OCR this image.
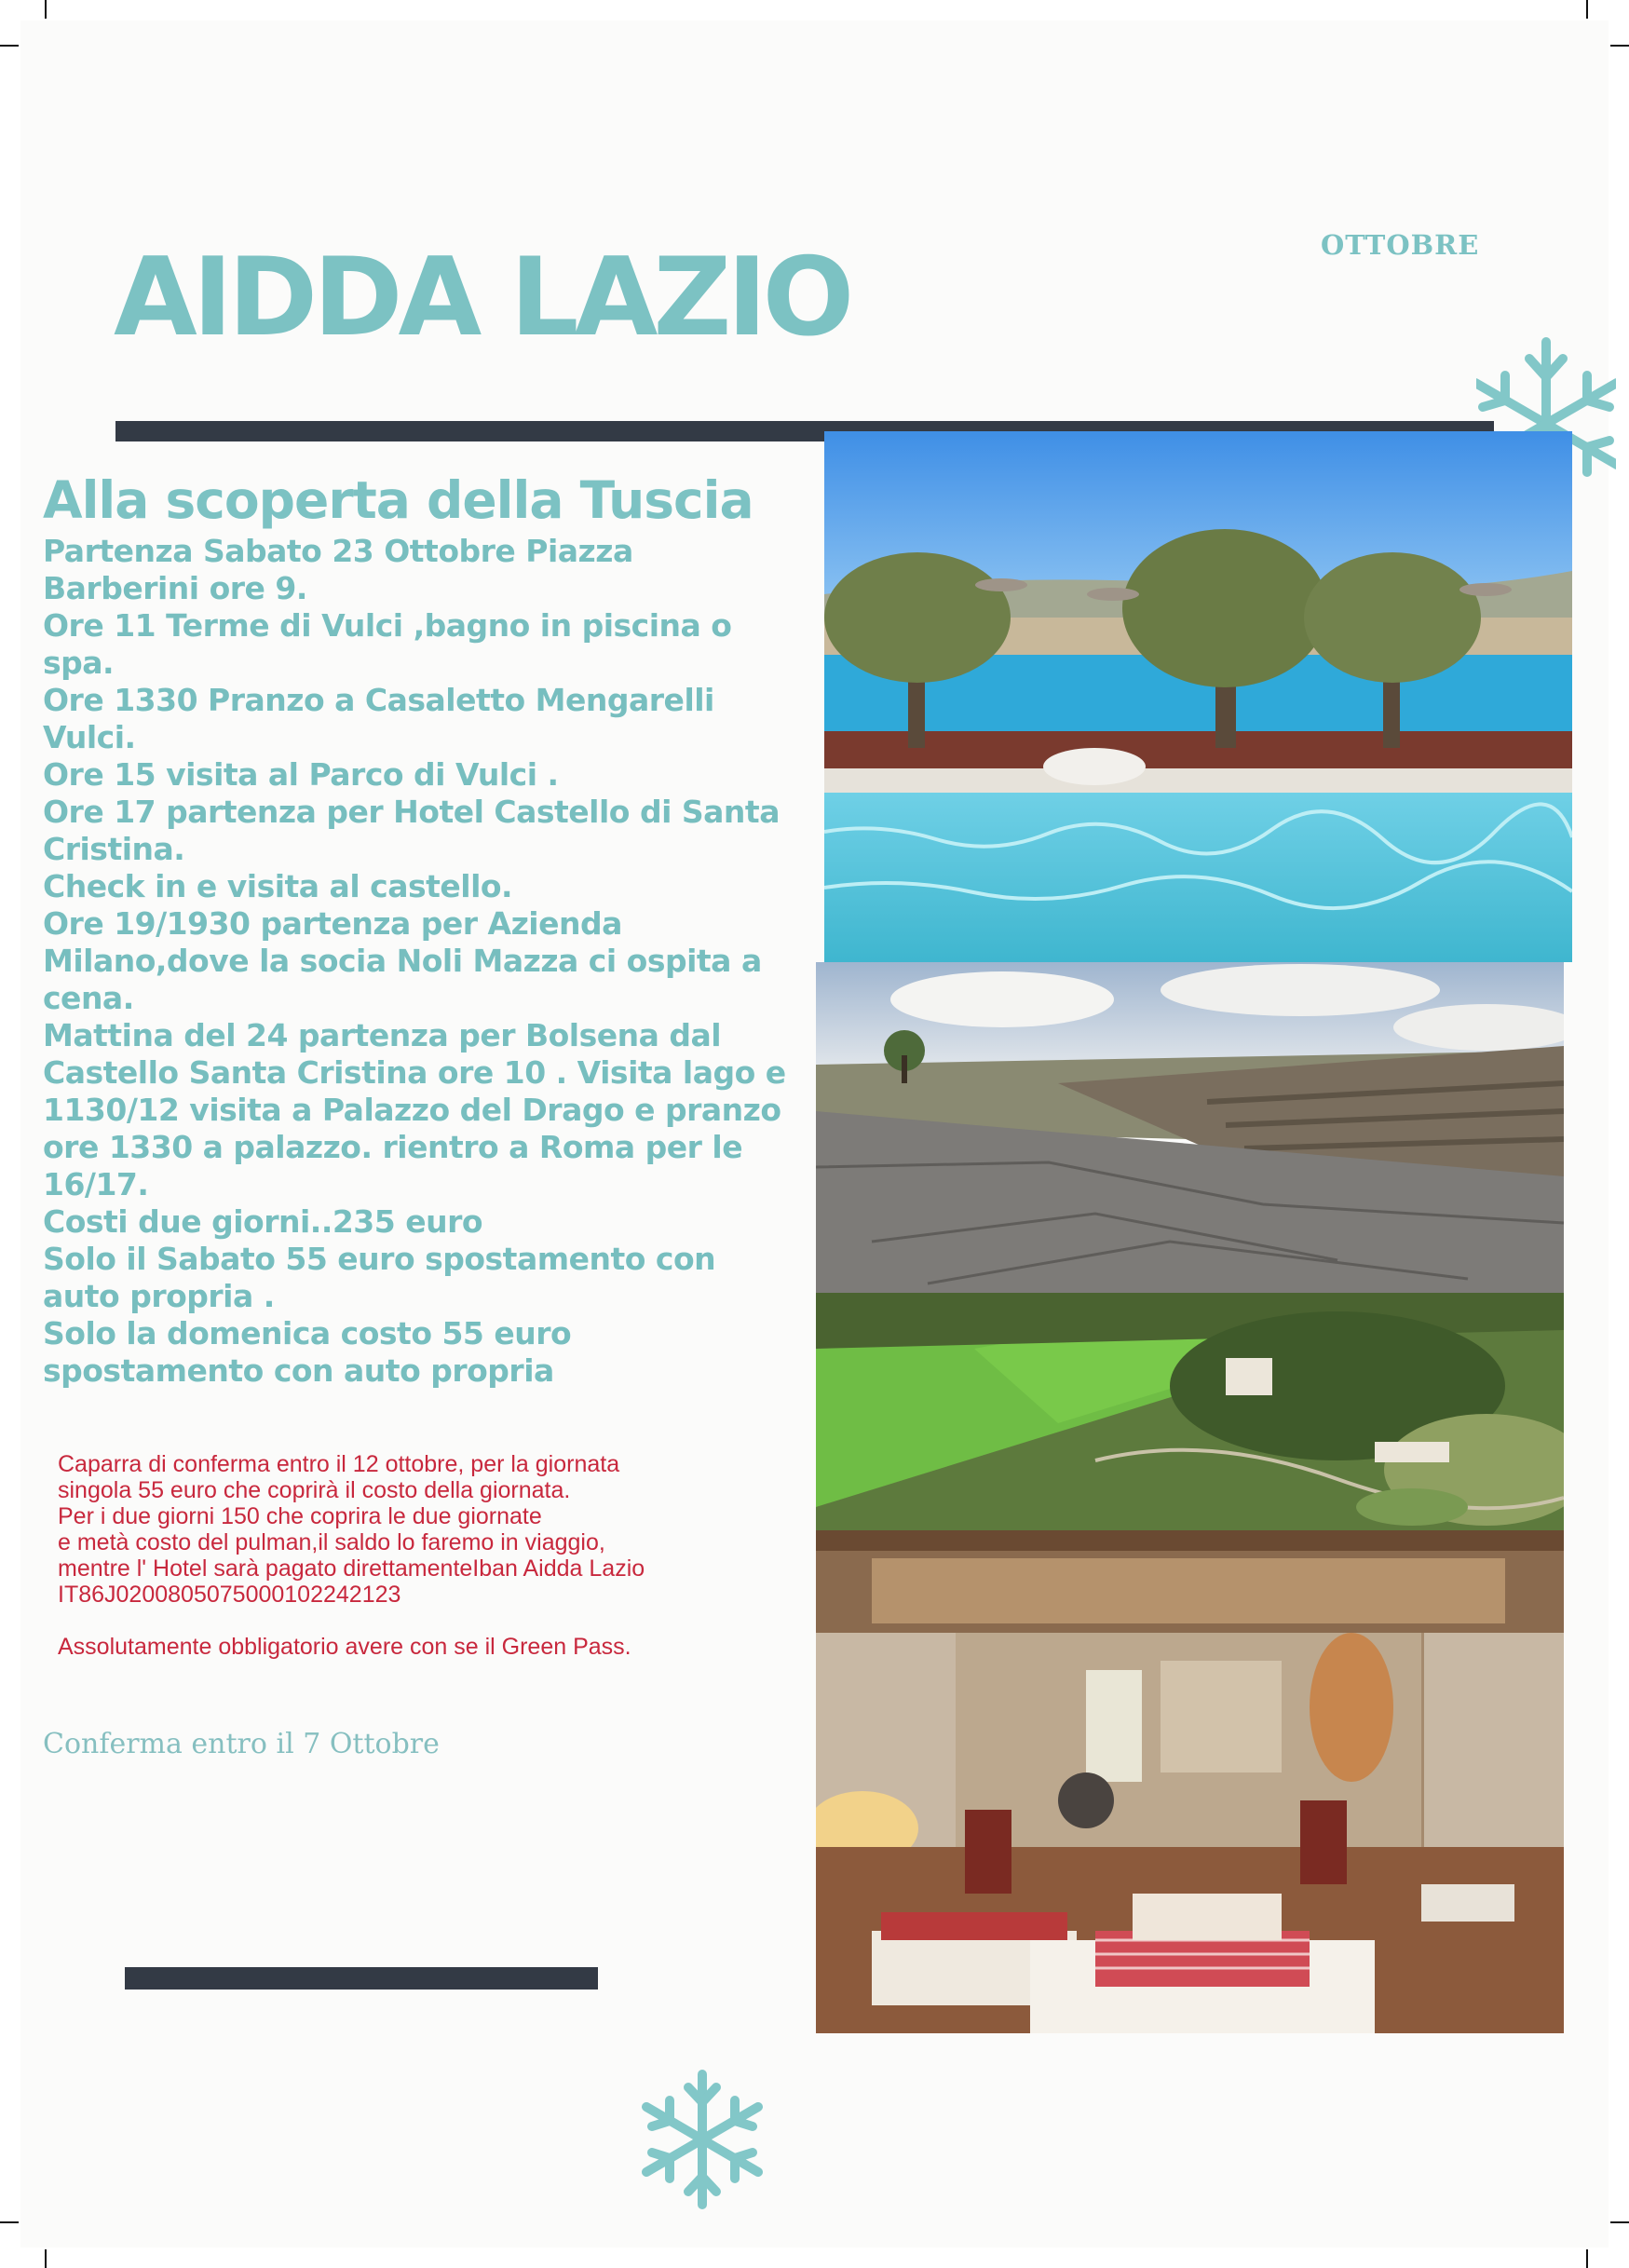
OTTOBRE
AIDDA LAZIO
Alla scoperta della Tuscia
Partenza Sabato 23 Ottobre Piazza Barberini ore 9.
Ore 11 Terme di Vulci ,bagno in piscina o spa.
Ore 1330 Pranzo a Casaletto Mengarelli Vulci.
Ore 15 visita al Parco di Vulci .
Ore 17 partenza per Hotel Castello di Santa Cristina.
Check in e visita al castello.
Ore 19/1930 partenza per Azienda Milano,dove la socia Noli Mazza ci ospita a cena.
Mattina del 24 partenza per Bolsena dal Castello Santa Cristina ore 10 . Visita lago e 1130/12 visita a Palazzo del Drago e pranzo ore 1330 a palazzo. rientro a Roma per le 16/17.
Costi due giorni..235 euro
Solo il Sabato 55 euro spostamento con auto propria .
Solo la domenica costo 55 euro spostamento con auto propria
Caparra di conferma entro il 12 ottobre, per la giornata
singola 55 euro che coprirà il costo della giornata.
Per i due giorni 150 che coprira le due giornate
e metà costo del pulman,il saldo lo faremo in viaggio,
mentre l' Hotel sarà pagato direttamenteIban Aidda Lazio
IT86J0200805075000102242123
Assolutamente obbligatorio avere con se il Green Pass.
Conferma entro il 7 Ottobre
